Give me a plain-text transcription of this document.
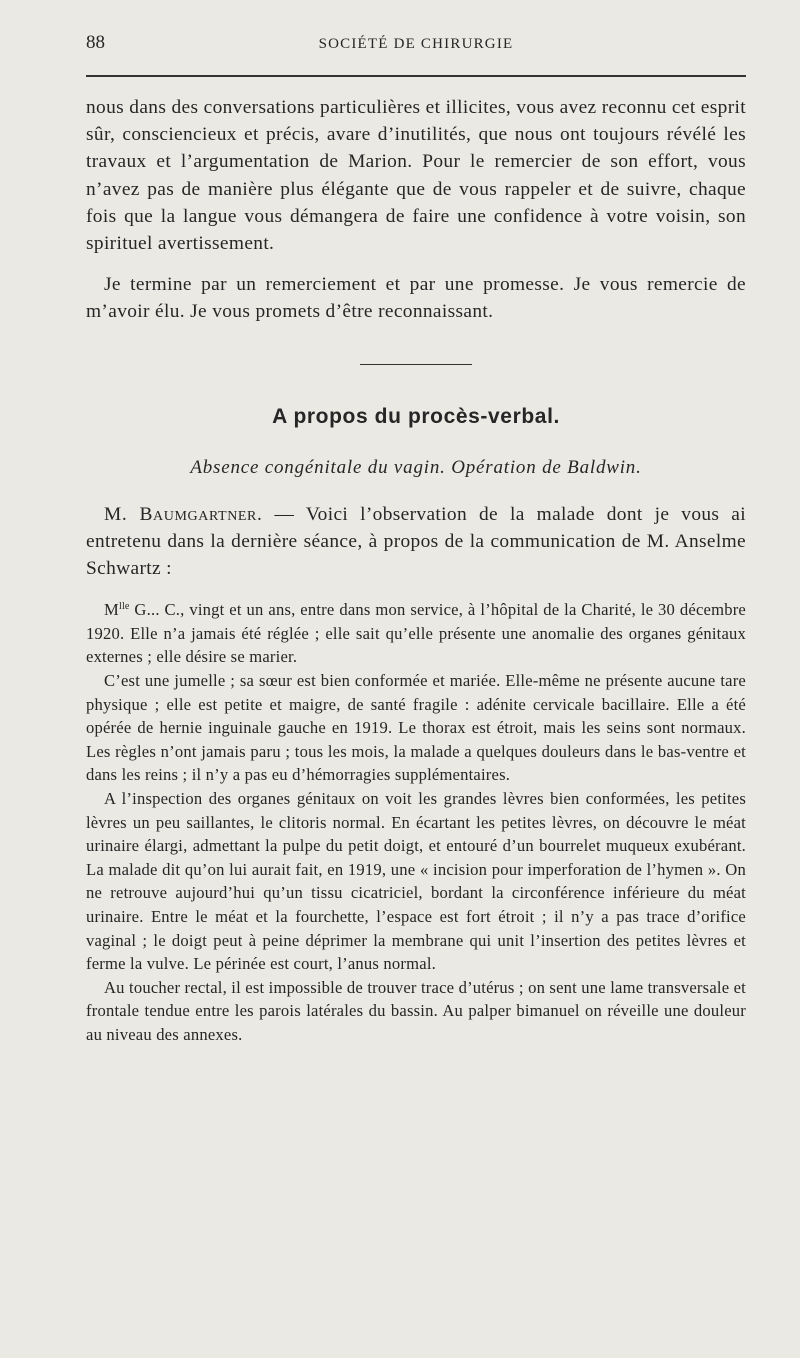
88	SOCIÉTÉ DE CHIRURGIE

nous dans des conversations particulières et illicites, vous avez reconnu cet esprit sûr, consciencieux et précis, avare d’inutilités, que nous ont toujours révélé les travaux et l’argumentation de Marion. Pour le remercier de son effort, vous n’avez pas de manière plus élégante que de vous rappeler et de suivre, chaque fois que la langue vous démangera de faire une confidence à votre voisin, son spirituel avertissement.

Je termine par un remerciement et par une promesse. Je vous remercie de m’avoir élu. Je vous promets d’être reconnaissant.

A propos du procès-verbal.

Absence congénitale du vagin. Opération de Baldwin.

M. Baumgartner. — Voici l’observation de la malade dont je vous ai entretenu dans la dernière séance, à propos de la communication de M. Anselme Schwartz :

$M^{lle}$ G... C., vingt et un ans, entre dans mon service, à l’hôpital de la Charité, le 30 décembre 1920. Elle n’a jamais été réglée ; elle sait qu’elle présente une anomalie des organes génitaux externes ; elle désire se marier.

C’est une jumelle ; sa sœur est bien conformée et mariée. Elle-même ne présente aucune tare physique ; elle est petite et maigre, de santé fragile : adénite cervicale bacillaire. Elle a été opérée de hernie inguinale gauche en 1919. Le thorax est étroit, mais les seins sont normaux. Les règles n’ont jamais paru ; tous les mois, la malade a quelques douleurs dans le bas-ventre et dans les reins ; il n’y a pas eu d’hémorragies supplémentaires.

A l’inspection des organes génitaux on voit les grandes lèvres bien conformées, les petites lèvres un peu saillantes, le clitoris normal. En écartant les petites lèvres, on découvre le méat urinaire élargi, admettant la pulpe du petit doigt, et entouré d’un bourrelet muqueux exubérant. La malade dit qu’on lui aurait fait, en 1919, une « incision pour imperforation de l’hymen ». On ne retrouve aujourd’hui qu’un tissu cicatriciel, bordant la circonférence inférieure du méat urinaire. Entre le méat et la fourchette, l’espace est fort étroit ; il n’y a pas trace d’orifice vaginal ; le doigt peut à peine déprimer la membrane qui unit l’insertion des petites lèvres et ferme la vulve. Le périnée est court, l’anus normal.

Au toucher rectal, il est impossible de trouver trace d’utérus ; on sent une lame transversale et frontale tendue entre les parois latérales du bassin. Au palper bimanuel on réveille une douleur au niveau des annexes.
